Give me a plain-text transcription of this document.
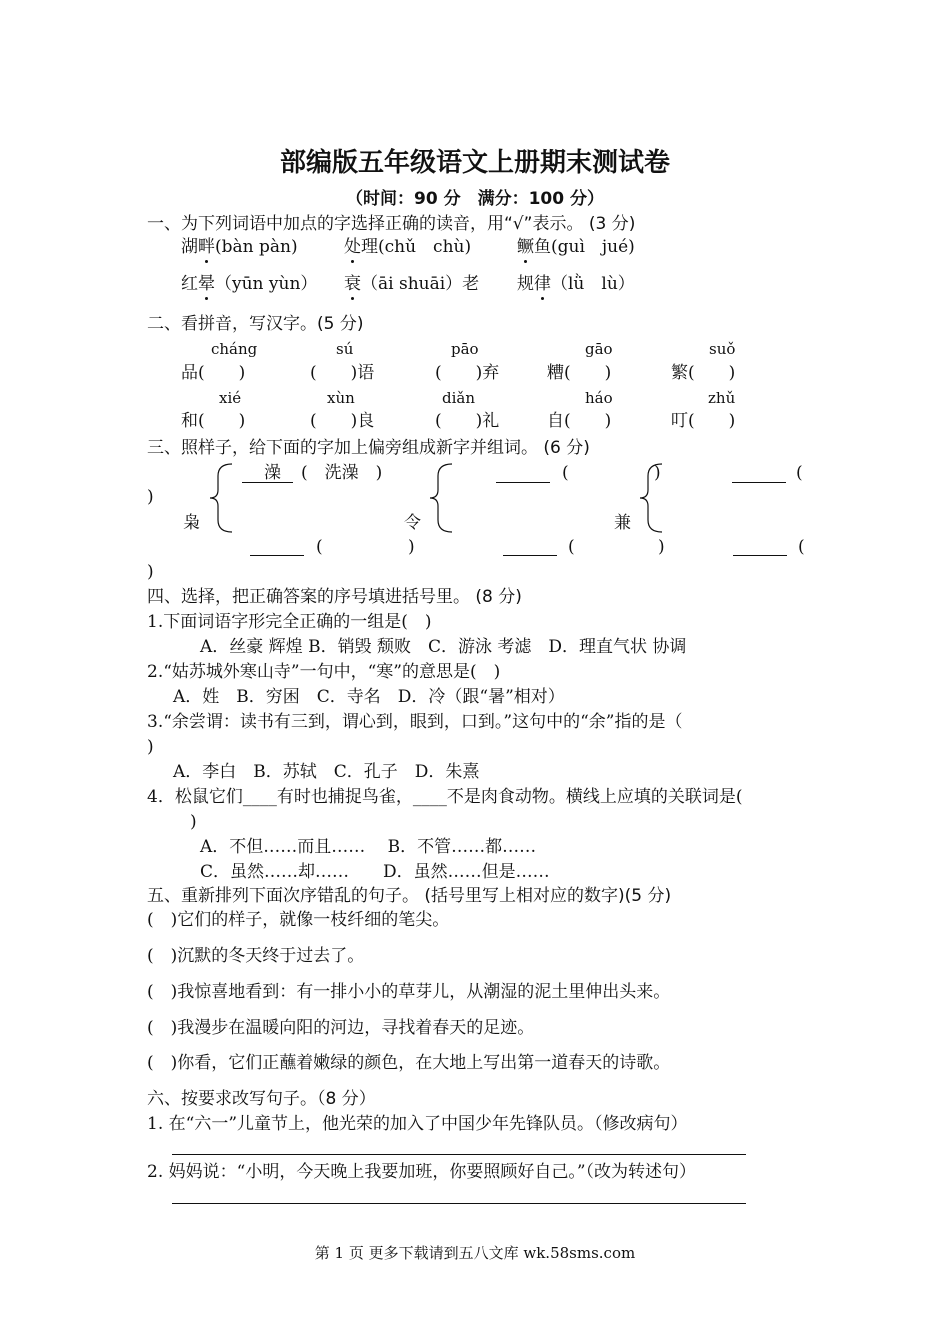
部编版五年级语文上册期末测试卷
（时间：90 分　满分：100 分）
一、为下列词语中加点的字选择正确的读音，用“√”表示。 (3 分)
湖畔(bàn pàn)	处理(chǔ　chù)	鳜鱼(guì　jué)
红晕（yūn yùn） 衰（āi shuāi）老 规律（lǜ　lù）
二、看拼音，写汉字。(5 分)
cháng	sú	pāo	gāo	suǒ
品(　　)	(　　)语	(　　)弃	糟(　　)	繁(　　)
xié	xùn	diǎn	háo	zhǔ
和(　　)	(　　)良	(　　)礼	自(　　)	叮(　　)
三、照样子，给下面的字加上偏旁组成新字并组词。 (6 分)
澡 (　洗澡　)	(	)	(
)
枭	令	兼
(	)	(	)	(
)
四、选择，把正确答案的序号填进括号里。 (8 分)
1.下面词语字形完全正确的一组是(　)
A．丝豪 辉煌 B．销毁 颓败　C．游泳 考滤　D．理直气状 协调
2.“姑苏城外寒山寺”一句中，“寒”的意思是(　)
A．姓　B．穷困　C．寺名　D．冷（跟“暑”相对）
3.“余尝谓：读书有三到，谓心到，眼到，口到。”这句中的“余”指的是（
)
A．李白　B．苏轼　C．孔子　D．朱熹
4．松鼠它们____有时也捕捉鸟雀，____不是肉食动物。横线上应填的关联词是(
)
A．不但……而且……　 B．不管……都……
C．虽然……却……　　D．虽然……但是……
五、重新排列下面次序错乱的句子。 (括号里写上相对应的数字)(5 分)
(　)它们的样子，就像一枝纤细的笔尖。
(　)沉默的冬天终于过去了。
(　)我惊喜地看到：有一排小小的草芽儿，从潮湿的泥土里伸出头来。
(　)我漫步在温暖向阳的河边，寻找着春天的足迹。
(　)你看，它们正蘸着嫩绿的颜色，在大地上写出第一道春天的诗歌。
六、按要求改写句子。（8 分）
1. 在“六一”儿童节上，他光荣的加入了中国少年先锋队员。（修改病句）
2. 妈妈说：“小明，今天晚上我要加班，你要照顾好自己。”（改为转述句）
第 1 页 更多下载请到五八文库 wk.58sms.com
